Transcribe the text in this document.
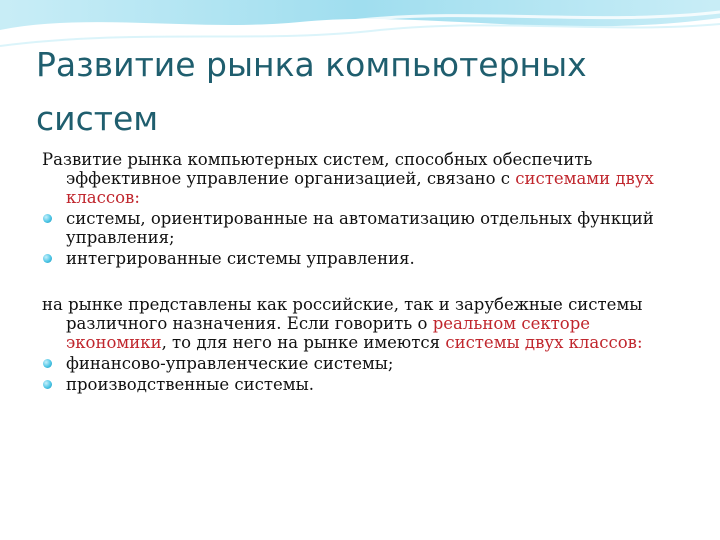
Развитие рынка компьютерных систем

Развитие рынка компьютерных систем, способных обеспечить эффективное управление организацией, связано с системами двух классов:

системы, ориентированные на автоматизацию отдельных функций управления;
интегрированные системы управления.

на рынке представлены как российские, так и зарубежные системы различного назначения. Если говорить о реальном секторе экономики, то для него на рынке имеются системы двух классов:

финансово-управленческие системы;
производственные системы.
